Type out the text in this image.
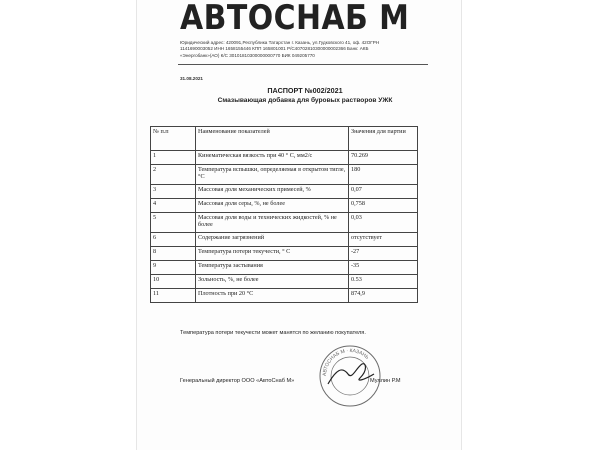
АВТОСНАБ М
Юридический адрес: 420091,Республика Татарстан г. Казань, ул.Гудковского 41, оф. 42ОГРН
1141690003052 ИНН 1658155446 КПП 165801001 Р/С40702810300000002366 Банк: АКБ
«Энергобанк»(АО) К/С 30101810300000000770 БИК 049205770
31.08.2021
ПАСПОРТ №002/2021
Смазывающая добавка для буровых растворов УЖК
№ п.п	Наименование показателей	Значения для партии
1	Кинематическая вязкость при 40 ° С, мм2/с	70.269
2	Температура вспышки, определяемая в открытом тигле, °С	180
3	Массовая доля механических примесей, %	0,07
4	Массовая доля серы, %, не более	0,758
5	Массовая доля воды и технических жидкостей, % не более	0,03
6	Содержание загрязнений	отсутствует
8	Температура потери текучести, ° С	-27
9	Температура застывания	-35
10	Зольность, %, не более	0.53
11	Плотность при 20 °С	874,9
Температура потери текучести может манятся по желанию покупателя.
АВТОСНАБ М · КАЗАНЬ
Генеральный директор ООО «АвтоСнаб М»	Муллин Р.М
